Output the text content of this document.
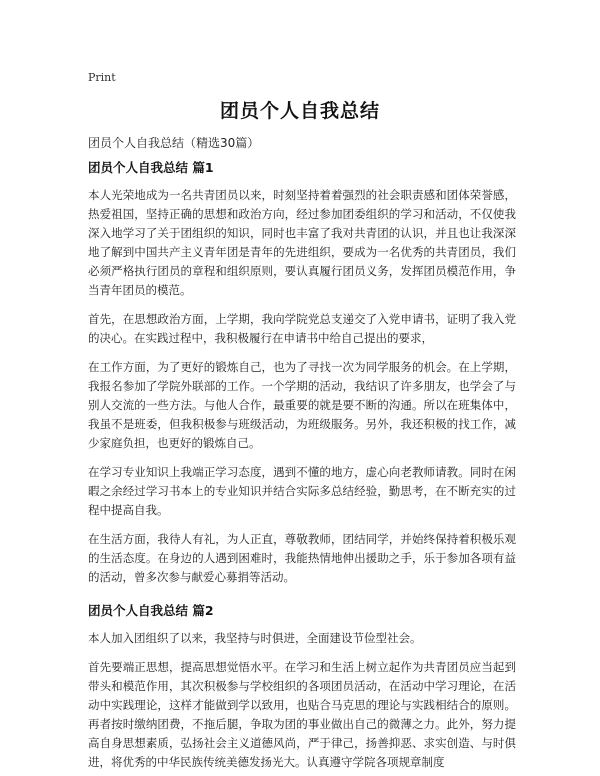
Print
团员个人自我总结
团员个人自我总结（精选30篇）
团员个人自我总结 篇1

本人光荣地成为一名共青团员以来，时刻坚持着着强烈的社会职责感和团体荣誉感，热爱祖国，坚持正确的思想和政治方向，经过参加团委组织的学习和活动，不仅使我深入地学习了关于团组织的知识，同时也丰富了我对共青团的认识，并且也让我深深地了解到中国共产主义青年团是青年的先进组织，要成为一名优秀的共青团员，我们必须严格执行团员的章程和组织原则，要认真履行团员义务，发挥团员模范作用，争当青年团员的模范。

首先，在思想政治方面，上学期，我向学院党总支递交了入党申请书，证明了我入党的决心。在实践过程中，我积极履行在申请书中给自己提出的要求，

在工作方面，为了更好的锻炼自己，也为了寻找一次为同学服务的机会。在上学期，我报名参加了学院外联部的工作。一个学期的活动，我结识了许多朋友，也学会了与别人交流的一些方法。与他人合作，最重要的就是要不断的沟通。所以在班集体中，我虽不是班委，但我积极参与班级活动，为班级服务。另外，我还积极的找工作，减少家庭负担，也更好的锻炼自己。

在学习专业知识上我端正学习态度，遇到不懂的地方，虚心向老教师请教。同时在闲暇之余经过学习书本上的专业知识并结合实际多总结经验，勤思考，在不断充实的过程中提高自我。

在生活方面，我待人有礼，为人正直，尊敬教师，团结同学，并始终保持着积极乐观的生活态度。在身边的人遇到困难时，我能热情地伸出援助之手，乐于参加各项有益的活动，曾多次参与献爱心募捐等活动。

团员个人自我总结 篇2

本人加入团组织了以来，我坚持与时俱进，全面建设节俭型社会。

首先要端正思想，提高思想觉悟水平。在学习和生活上树立起作为共青团员应当起到带头和模范作用，其次积极参与学校组织的各项团员活动，在活动中学习理论，在活动中实践理论，这样才能做到学以致用，也贴合马克思的理论与实践相结合的原则。再者按时缴纳团费，不拖后腿，争取为团的事业做出自己的微薄之力。此外，努力提高自身思想素质，弘扬社会主义道德风尚，严于律己，扬善抑恶、求实创造、与时俱进，将优秀的中华民族传统美德发扬光大。认真遵守学院各项规章制度
